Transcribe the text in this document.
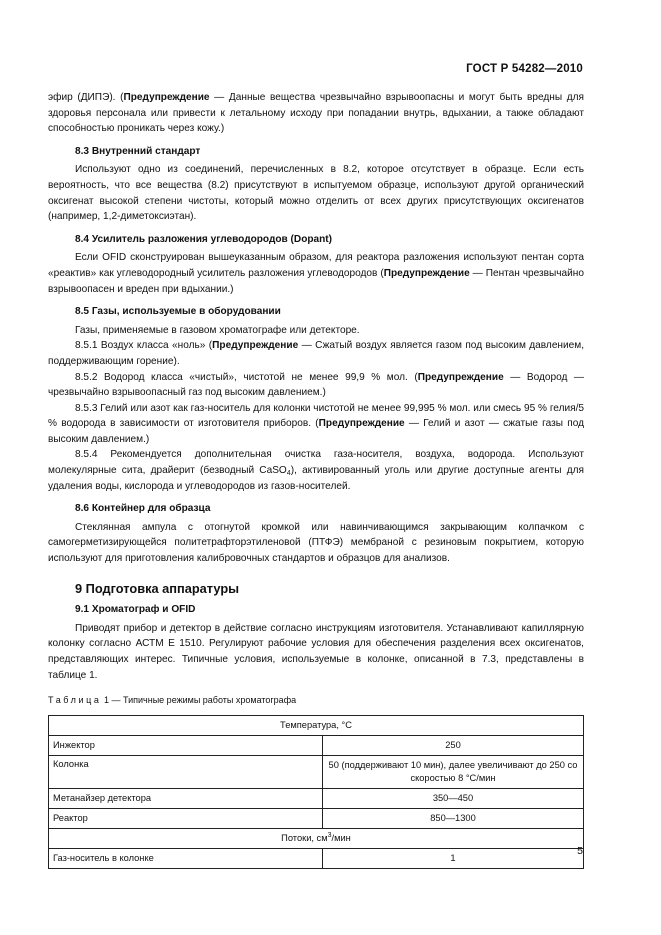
ГОСТ Р 54282—2010

эфир (ДИПЭ). (Предупреждение — Данные вещества чрезвычайно взрывоопасны и могут быть вредны для здоровья персонала или привести к летальному исходу при попадании внутрь, вдыхании, а также обладают способностью проникать через кожу.)

8.3 Внутренний стандарт

Используют одно из соединений, перечисленных в 8.2, которое отсутствует в образце. Если есть вероятность, что все вещества (8.2) присутствуют в испытуемом образце, используют другой органический оксигенат высокой степени чистоты, который можно отделить от всех других присутствующих оксигенатов (например, 1,2-диметоксиэтан).

8.4 Усилитель разложения углеводородов (Dopant)

Если OFID сконструирован вышеуказанным образом, для реактора разложения используют пентан сорта «реактив» как углеводородный усилитель разложения углеводородов (Предупреждение — Пентан чрезвычайно взрывоопасен и вреден при вдыхании.)

8.5 Газы, используемые в оборудовании

Газы, применяемые в газовом хроматографе или детекторе.

8.5.1 Воздух класса «ноль» (Предупреждение — Сжатый воздух является газом под высоким давлением, поддерживающим горение).

8.5.2 Водород класса «чистый», чистотой не менее 99,9 % мол. (Предупреждение — Водород — чрезвычайно взрывоопасный газ под высоким давлением.)

8.5.3 Гелий или азот как газ-носитель для колонки чистотой не менее 99,995 % мол. или смесь 95 % гелия/5 % водорода в зависимости от изготовителя приборов. (Предупреждение — Гелий и азот — сжатые газы под высоким давлением.)

8.5.4 Рекомендуется дополнительная очистка газа-носителя, воздуха, водорода. Используют молекулярные сита, драйерит (безводный CaSO$_4$), активированный уголь или другие доступные агенты для удаления воды, кислорода и углеводородов из газов-носителей.

8.6 Контейнер для образца

Стеклянная ампула с отогнутой кромкой или навинчивающимся закрывающим колпачком с самогерметизирующейся политетрафторэтиленовой (ПТФЭ) мембраной с резиновым покрытием, которую используют для приготовления калибровочных стандартов и образцов для анализов.

9 Подготовка аппаратуры
9.1 Хроматограф и OFID

Приводят прибор и детектор в действие согласно инструкциям изготовителя. Устанавливают капиллярную колонку согласно АСТМ Е 1510. Регулируют рабочие условия для обеспечения разделения всех оксигенатов, представляющих интерес. Типичные условия, используемые в колонке, описанной в 7.3, представлены в таблице 1.

Таблица 1 — Типичные режимы работы хроматографа
Температура, °С	
Инжектор	250
Колонка	50 (поддерживают 10 мин), далее увеличивают до 250 со скоростью 8 °С/мин
Метанайзер детектора	350—450
Реактор	850—1300
Потоки, $см^3$/мин	
Газ-носитель в колонке	1
5
